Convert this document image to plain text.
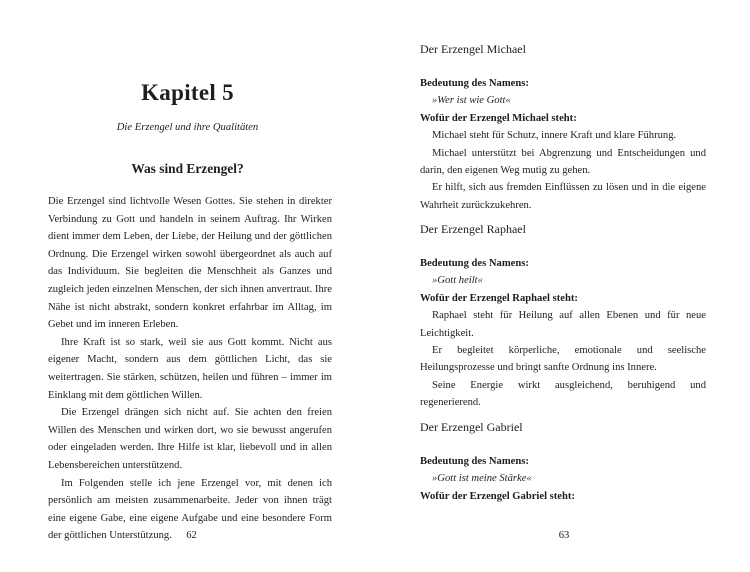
Kapitel 5
Die Erzengel und ihre Qualitäten
Was sind Erzengel?

Die Erzengel sind lichtvolle Wesen Gottes. Sie stehen in direkter Verbindung zu Gott und handeln in seinem Auftrag. Ihr Wirken dient immer dem Leben, der Liebe, der Heilung und der göttlichen Ordnung. Die Erzengel wirken sowohl übergeordnet als auch auf das Individuum. Sie begleiten die Menschheit als Ganzes und zugleich jeden einzelnen Menschen, der sich ihnen anvertraut. Ihre Nähe ist nicht abstrakt, sondern konkret erfahrbar im Alltag, im Gebet und im inneren Erleben.

Ihre Kraft ist so stark, weil sie aus Gott kommt. Nicht aus eigener Macht, sondern aus dem göttlichen Licht, das sie weitertragen. Sie stärken, schützen, heilen und führen – immer im Einklang mit dem göttlichen Willen.

Die Erzengel drängen sich nicht auf. Sie achten den freien Willen des Menschen und wirken dort, wo sie bewusst angerufen oder eingeladen werden. Ihre Hilfe ist klar, liebevoll und in allen Lebensbereichen unterstützend.

Im Folgenden stelle ich jene Erzengel vor, mit denen ich persönlich am meisten zusammenarbeite. Jeder von ihnen trägt eine eigene Gabe, eine eigene Aufgabe und eine besondere Form der göttlichen Unterstützung.	62

Der Erzengel Michael

Bedeutung des Namens:

»Wer ist wie Gott«

Wofür der Erzengel Michael steht:

Michael steht für Schutz, innere Kraft und klare Führung.

Michael unterstützt bei Abgrenzung und Entscheidungen und darin, den eigenen Weg mutig zu gehen.

Er hilft, sich aus fremden Einflüssen zu lösen und in die eigene Wahrheit zurückzukehren.

Der Erzengel Raphael

Bedeutung des Namens:

»Gott heilt«

Wofür der Erzengel Raphael steht:

Raphael steht für Heilung auf allen Ebenen und für neue Leichtigkeit.

Er begleitet körperliche, emotionale und seelische Heilungsprozesse und bringt sanfte Ordnung ins Innere.

Seine Energie wirkt ausgleichend, beruhigend und regenerierend.

Der Erzengel Gabriel

Bedeutung des Namens:

»Gott ist meine Stärke«

Wofür der Erzengel Gabriel steht:

63
